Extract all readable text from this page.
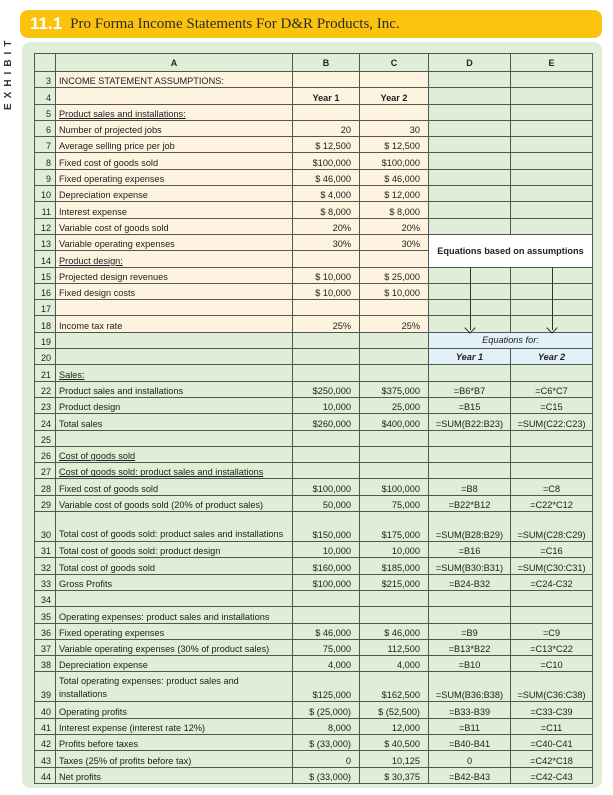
EXHIBIT
11.1 Pro Forma Income Statements For D&R Products, Inc.
	A	B	C	D	E
3	INCOME STATEMENT ASSUMPTIONS:				
4		Year 1	Year 2		
5	Product sales and installations:				
6	Number of projected jobs	20	30		
7	Average selling price per job	$ 12,500	$ 12,500		
8	Fixed cost of goods sold	$100,000	$100,000		
9	Fixed operating expenses	$ 46,000	$ 46,000		
10	Depreciation expense	$ 4,000	$ 12,000		
11	Interest expense	$ 8,000	$ 8,000		
12	Variable cost of goods sold	20%	20%		
13	Variable operating expenses	30%	30%	Equations based on assumptions	
14	Product design:				
15	Projected design revenues	$ 10,000	$ 25,000		
16	Fixed design costs	$ 10,000	$ 10,000		
17					
18	Income tax rate	25%	25%		
19				Equations for:	
20				Year 1	Year 2
21	Sales:				
22	Product sales and installations	$250,000	$375,000	=B6*B7	=C6*C7
23	Product design	10,000	25,000	=B15	=C15
24	Total sales	$260,000	$400,000	=SUM(B22:B23)	=SUM(C22:C23)
25					
26	Cost of goods sold				
27	Cost of goods sold: product sales and installations				
28	Fixed cost of goods sold	$100,000	$100,000	=B8	=C8
29	Variable cost of goods sold (20% of product sales)	50,000	75,000	=B22*B12	=C22*C12
30	Total cost of goods sold: product sales and installations	$150,000	$175,000	=SUM(B28:B29)	=SUM(C28:C29)
31	Total cost of goods sold: product design	10,000	10,000	=B16	=C16
32	Total cost of goods sold	$160,000	$185,000	=SUM(B30:B31)	=SUM(C30:C31)
33	Gross Profits	$100,000	$215,000	=B24-B32	=C24-C32
34					
35	Operating expenses: product sales and installations				
36	Fixed operating expenses	$ 46,000	$ 46,000	=B9	=C9
37	Variable operating expenses (30% of product sales)	75,000	112,500	=B13*B22	=C13*C22
38	Depreciation expense	4,000	4,000	=B10	=C10
39	Total operating expenses: product sales and installations	$125,000	$162,500	=SUM(B36:B38)	=SUM(C36:C38)
40	Operating profits	$ (25,000)	$ (52,500)	=B33-B39	=C33-C39
41	Interest expense (interest rate 12%)	8,000	12,000	=B11	=C11
42	Profits before taxes	$ (33,000)	$ 40,500	=B40-B41	=C40-C41
43	Taxes (25% of profits before tax)	0	10,125	0	=C42*C18
44	Net profits	$ (33,000)	$ 30,375	=B42-B43	=C42-C43
